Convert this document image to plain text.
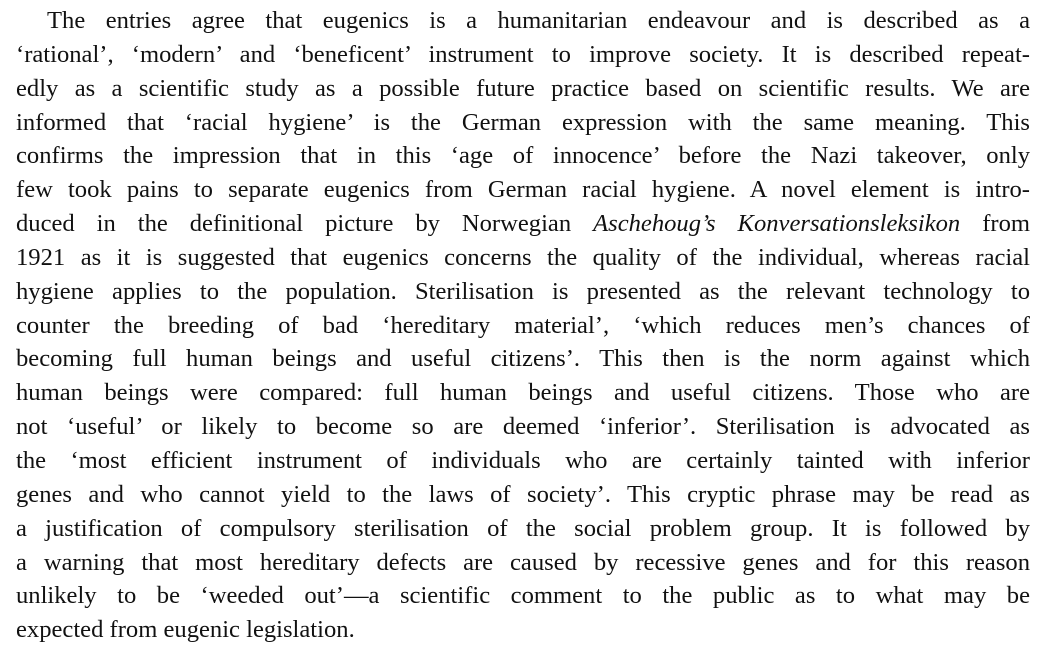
The entries agree that eugenics is a humanitarian endeavour and is described as a
‘rational’, ‘modern’ and ‘beneficent’ instrument to improve society. It is described repeat-
edly as a scientific study as a possible future practice based on scientific results. We are
informed that ‘racial hygiene’ is the German expression with the same meaning. This
confirms the impression that in this ‘age of innocence’ before the Nazi takeover, only
few took pains to separate eugenics from German racial hygiene. A novel element is intro-
duced in the definitional picture by Norwegian Aschehoug’s Konversationsleksikon from
1921 as it is suggested that eugenics concerns the quality of the individual, whereas racial
hygiene applies to the population. Sterilisation is presented as the relevant technology to
counter the breeding of bad ‘hereditary material’, ‘which reduces men’s chances of
becoming full human beings and useful citizens’. This then is the norm against which
human beings were compared: full human beings and useful citizens. Those who are
not ‘useful’ or likely to become so are deemed ‘inferior’. Sterilisation is advocated as
the ‘most efficient instrument of individuals who are certainly tainted with inferior
genes and who cannot yield to the laws of society’. This cryptic phrase may be read as
a justification of compulsory sterilisation of the social problem group. It is followed by
a warning that most hereditary defects are caused by recessive genes and for this reason
unlikely to be ‘weeded out’—a scientific comment to the public as to what may be
expected from eugenic legislation.
